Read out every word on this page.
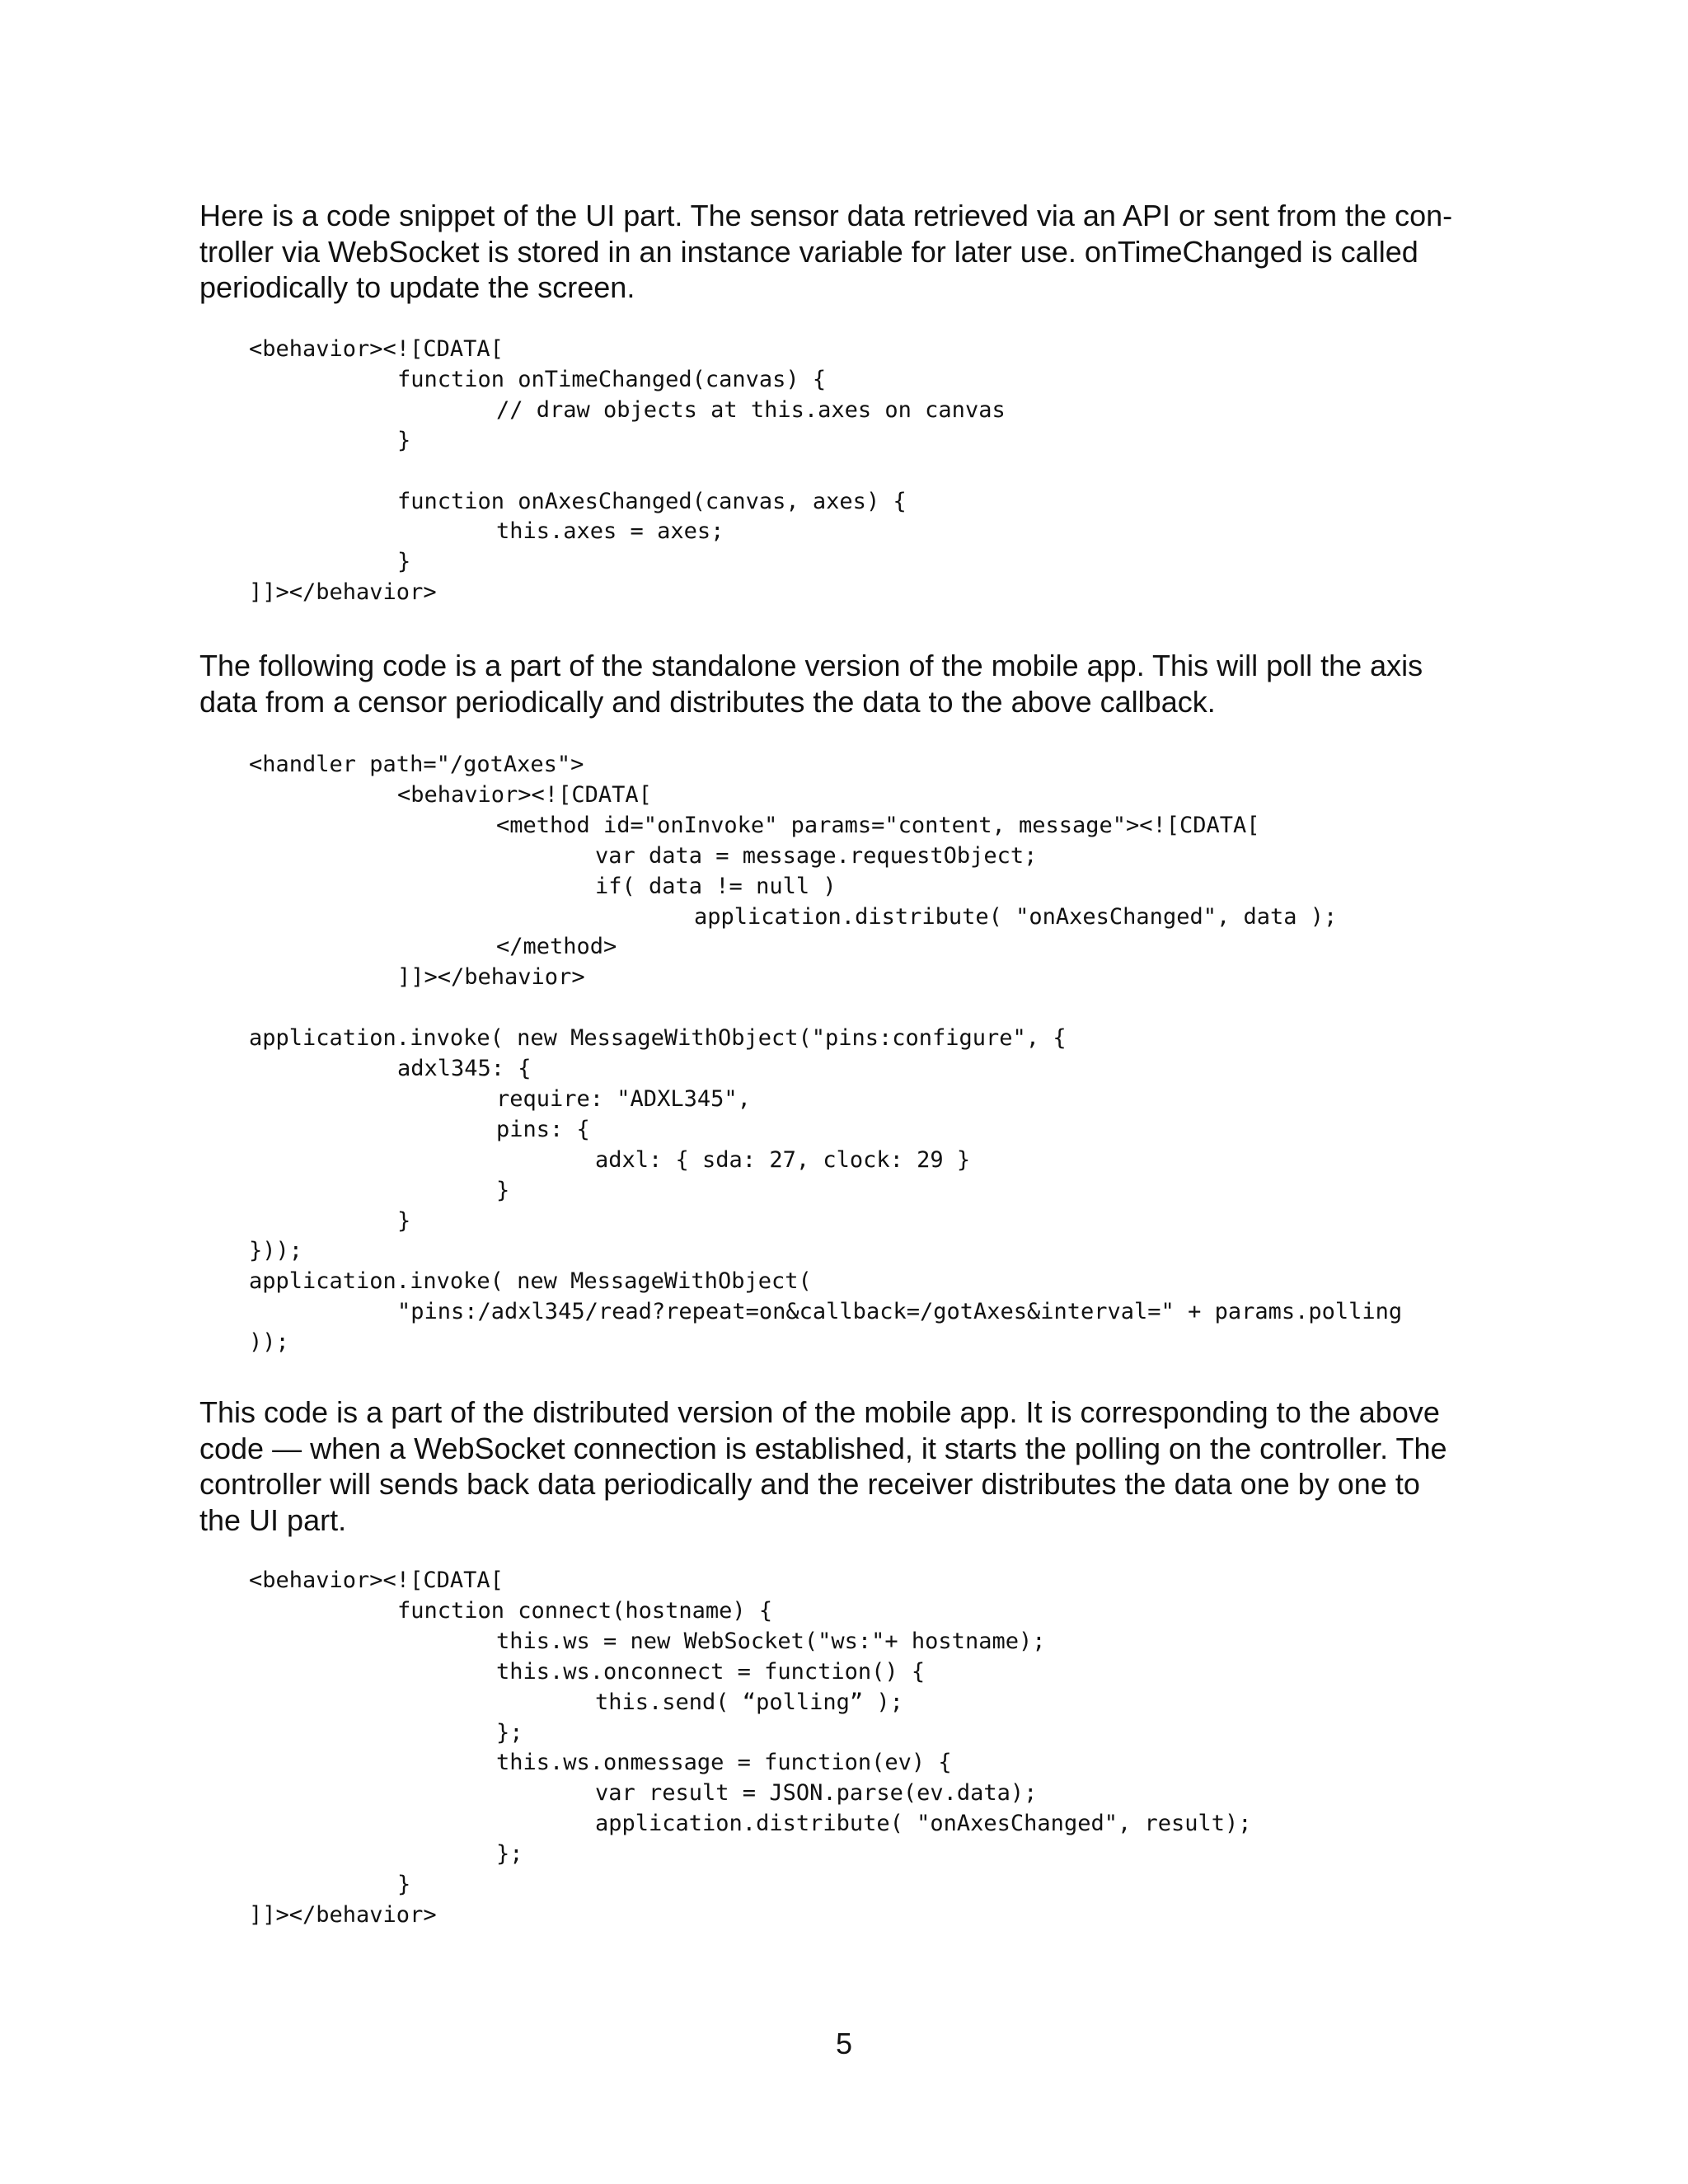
Here is a code snippet of the UI part. The sensor data retrieved via an API or sent from the con-
troller via WebSocket is stored in an instance variable for later use. onTimeChanged is called
periodically to update the screen.

<behavior><![CDATA[
function onTimeChanged(canvas) {
// draw objects at this.axes on canvas
}
function onAxesChanged(canvas, axes) {
this.axes = axes;
}
]]></behavior>

The following code is a part of the standalone version of the mobile app. This will poll the axis
data from a censor periodically and distributes the data to the above callback.

<handler path="/gotAxes">
<behavior><![CDATA[
<method id="onInvoke" params="content, message"><![CDATA[
var data = message.requestObject;
if( data != null )
application.distribute( "onAxesChanged", data );
</method>
]]></behavior>
application.invoke( new MessageWithObject("pins:configure", {
adxl345: {
require: "ADXL345",
pins: {
adxl: { sda: 27, clock: 29 }
}
}
}));
application.invoke( new MessageWithObject(
"pins:/adxl345/read?repeat=on&callback=/gotAxes&interval=" + params.polling
));

This code is a part of the distributed version of the mobile app. It is corresponding to the above
code — when a WebSocket connection is established, it starts the polling on the controller. The
controller will sends back data periodically and the receiver distributes the data one by one to
the UI part.

<behavior><![CDATA[
function connect(hostname) {
this.ws = new WebSocket("ws:"+ hostname);
this.ws.onconnect = function() {
this.send( “polling” );
};
this.ws.onmessage = function(ev) {
var result = JSON.parse(ev.data);
application.distribute( "onAxesChanged", result);
};
}
]]></behavior>

5
